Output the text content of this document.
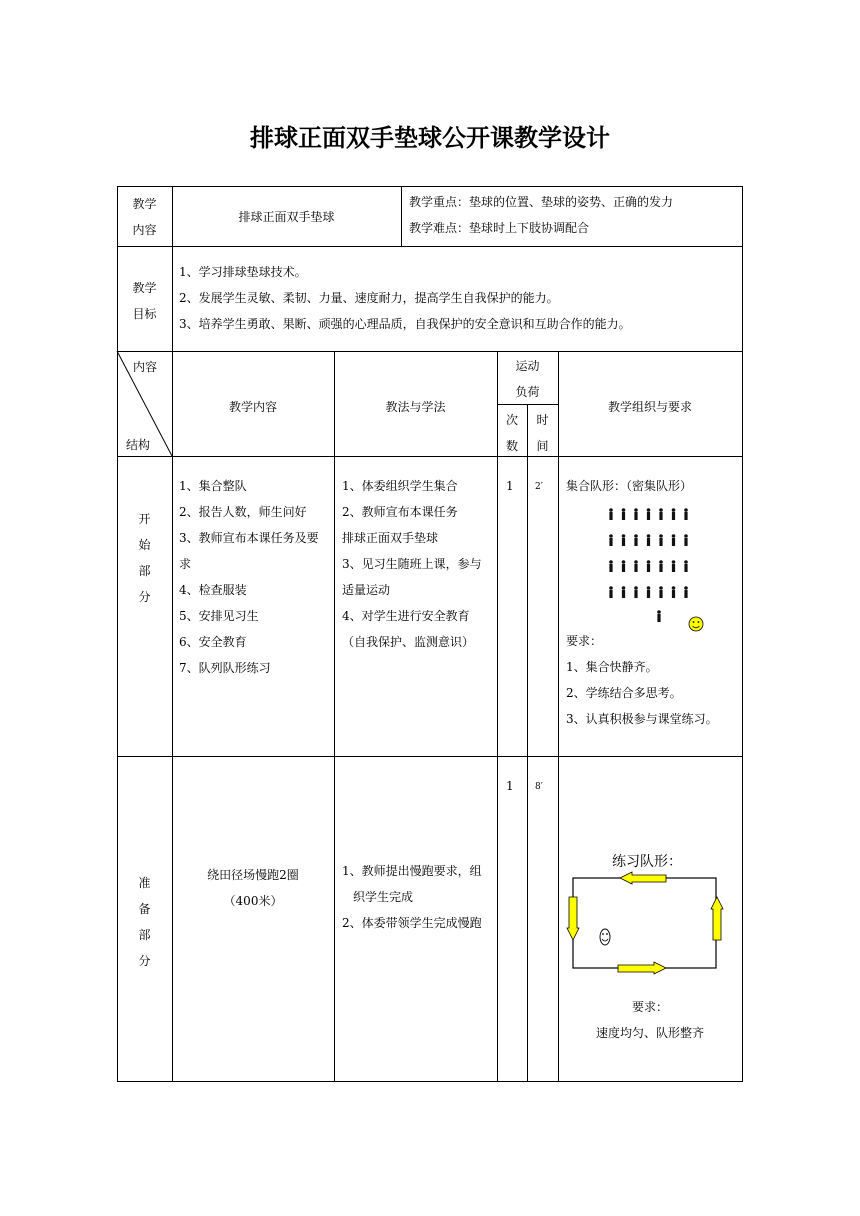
排球正面双手垫球公开课教学设计
教学
内容
排球正面双手垫球
教学重点：垫球的位置、垫球的姿势、正确的发力
教学难点：垫球时上下肢协调配合
教学
目标
1、学习排球垫球技术。
2、发展学生灵敏、柔韧、力量、速度耐力，提高学生自我保护的能力。
3、培养学生勇敢、果断、顽强的心理品质，自我保护的安全意识和互助合作的能力。
内容
结构
教学内容	教法与学法
运动
负荷
次
数
时
间
教学组织与要求
开
始
部
分
1、集合整队
2、报告人数，师生问好
3、教师宣布本课任务及要
求
4、检查服装
5、安排见习生
6、安全教育
7、队列队形练习
1、体委组织学生集合
2、教师宣布本课任务
排球正面双手垫球
3、见习生随班上课，参与
适量运动
4、对学生进行安全教育
（自我保护、监测意识）
1 2′ 集合队形：（密集队形）
要求：
1、集合快静齐。
2、学练结合多思考。
3、认真积极参与课堂练习。
准
备
部
分
绕田径场慢跑2圈
（400米）
1、教师提出慢跑要求，组
织学生完成
2、体委带领学生完成慢跑
1 8′
练习队形：
要求：
速度均匀、队形整齐
